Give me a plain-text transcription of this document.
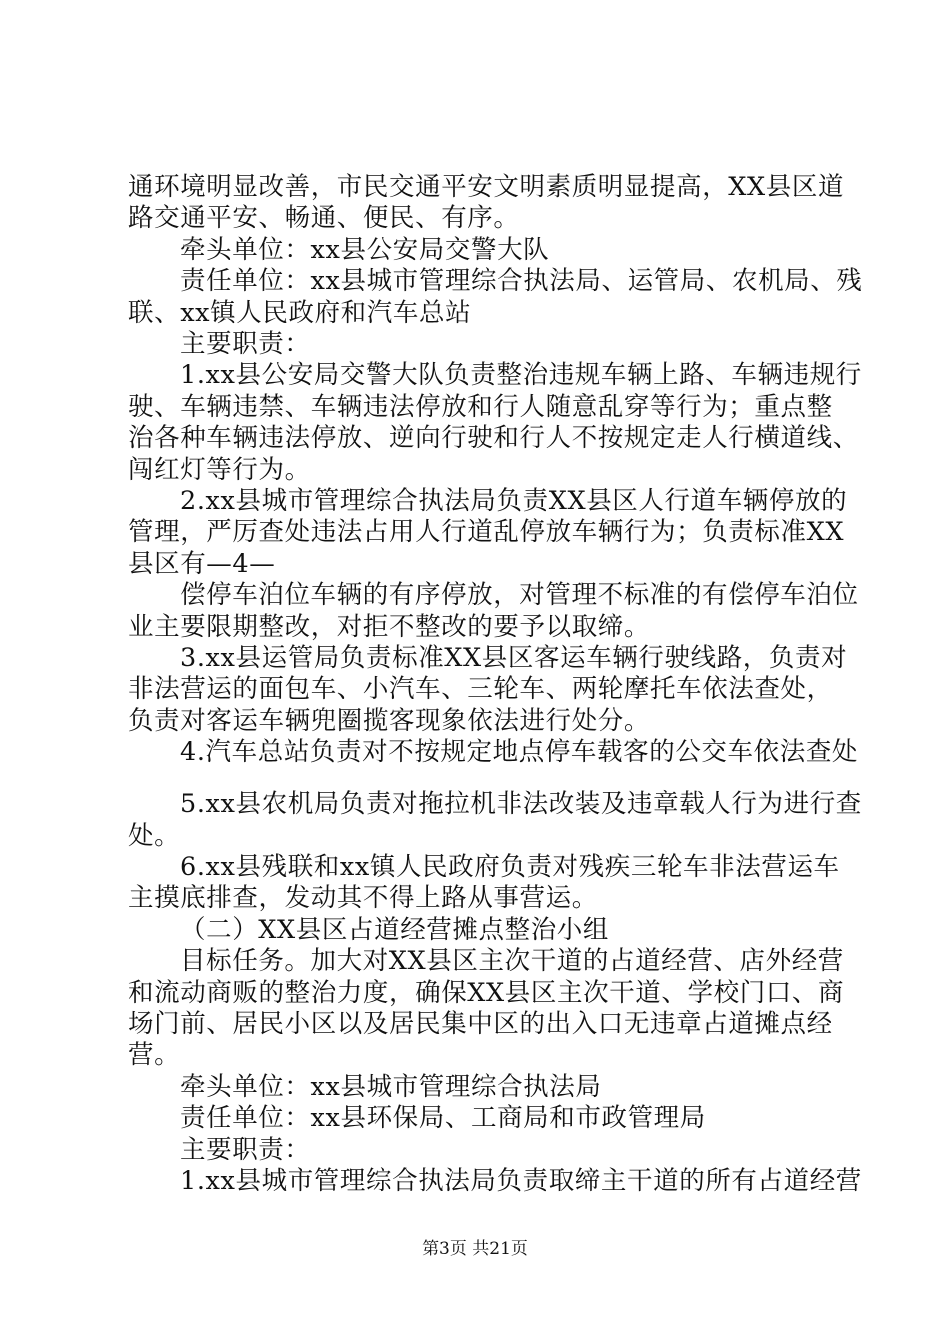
通环境明显改善，市民交通平安文明素质明显提高，XX县区道
路交通平安、畅通、便民、有序。
牵头单位：xx县公安局交警大队
责任单位：xx县城市管理综合执法局、运管局、农机局、残
联、xx镇人民政府和汽车总站
主要职责：
1.xx县公安局交警大队负责整治违规车辆上路、车辆违规行
驶、车辆违禁、车辆违法停放和行人随意乱穿等行为；重点整
治各种车辆违法停放、逆向行驶和行人不按规定走人行横道线、
闯红灯等行为。
2.xx县城市管理综合执法局负责XX县区人行道车辆停放的
管理，严厉查处违法占用人行道乱停放车辆行为；负责标准XX
县区有—4—
偿停车泊位车辆的有序停放，对管理不标准的有偿停车泊位
业主要限期整改，对拒不整改的要予以取缔。
3.xx县运管局负责标准XX县区客运车辆行驶线路，负责对
非法营运的面包车、小汽车、三轮车、两轮摩托车依法查处，
负责对客运车辆兜圈揽客现象依法进行处分。
4.汽车总站负责对不按规定地点停车载客的公交车依法查处
5.xx县农机局负责对拖拉机非法改装及违章载人行为进行查
处。
6.xx县残联和xx镇人民政府负责对残疾三轮车非法营运车
主摸底排查，发动其不得上路从事营运。
（二）XX县区占道经营摊点整治小组
目标任务。加大对XX县区主次干道的占道经营、店外经营
和流动商贩的整治力度，确保XX县区主次干道、学校门口、商
场门前、居民小区以及居民集中区的出入口无违章占道摊点经
营。
牵头单位：xx县城市管理综合执法局
责任单位：xx县环保局、工商局和市政管理局
主要职责：
1.xx县城市管理综合执法局负责取缔主干道的所有占道经营
第3页 共21页
